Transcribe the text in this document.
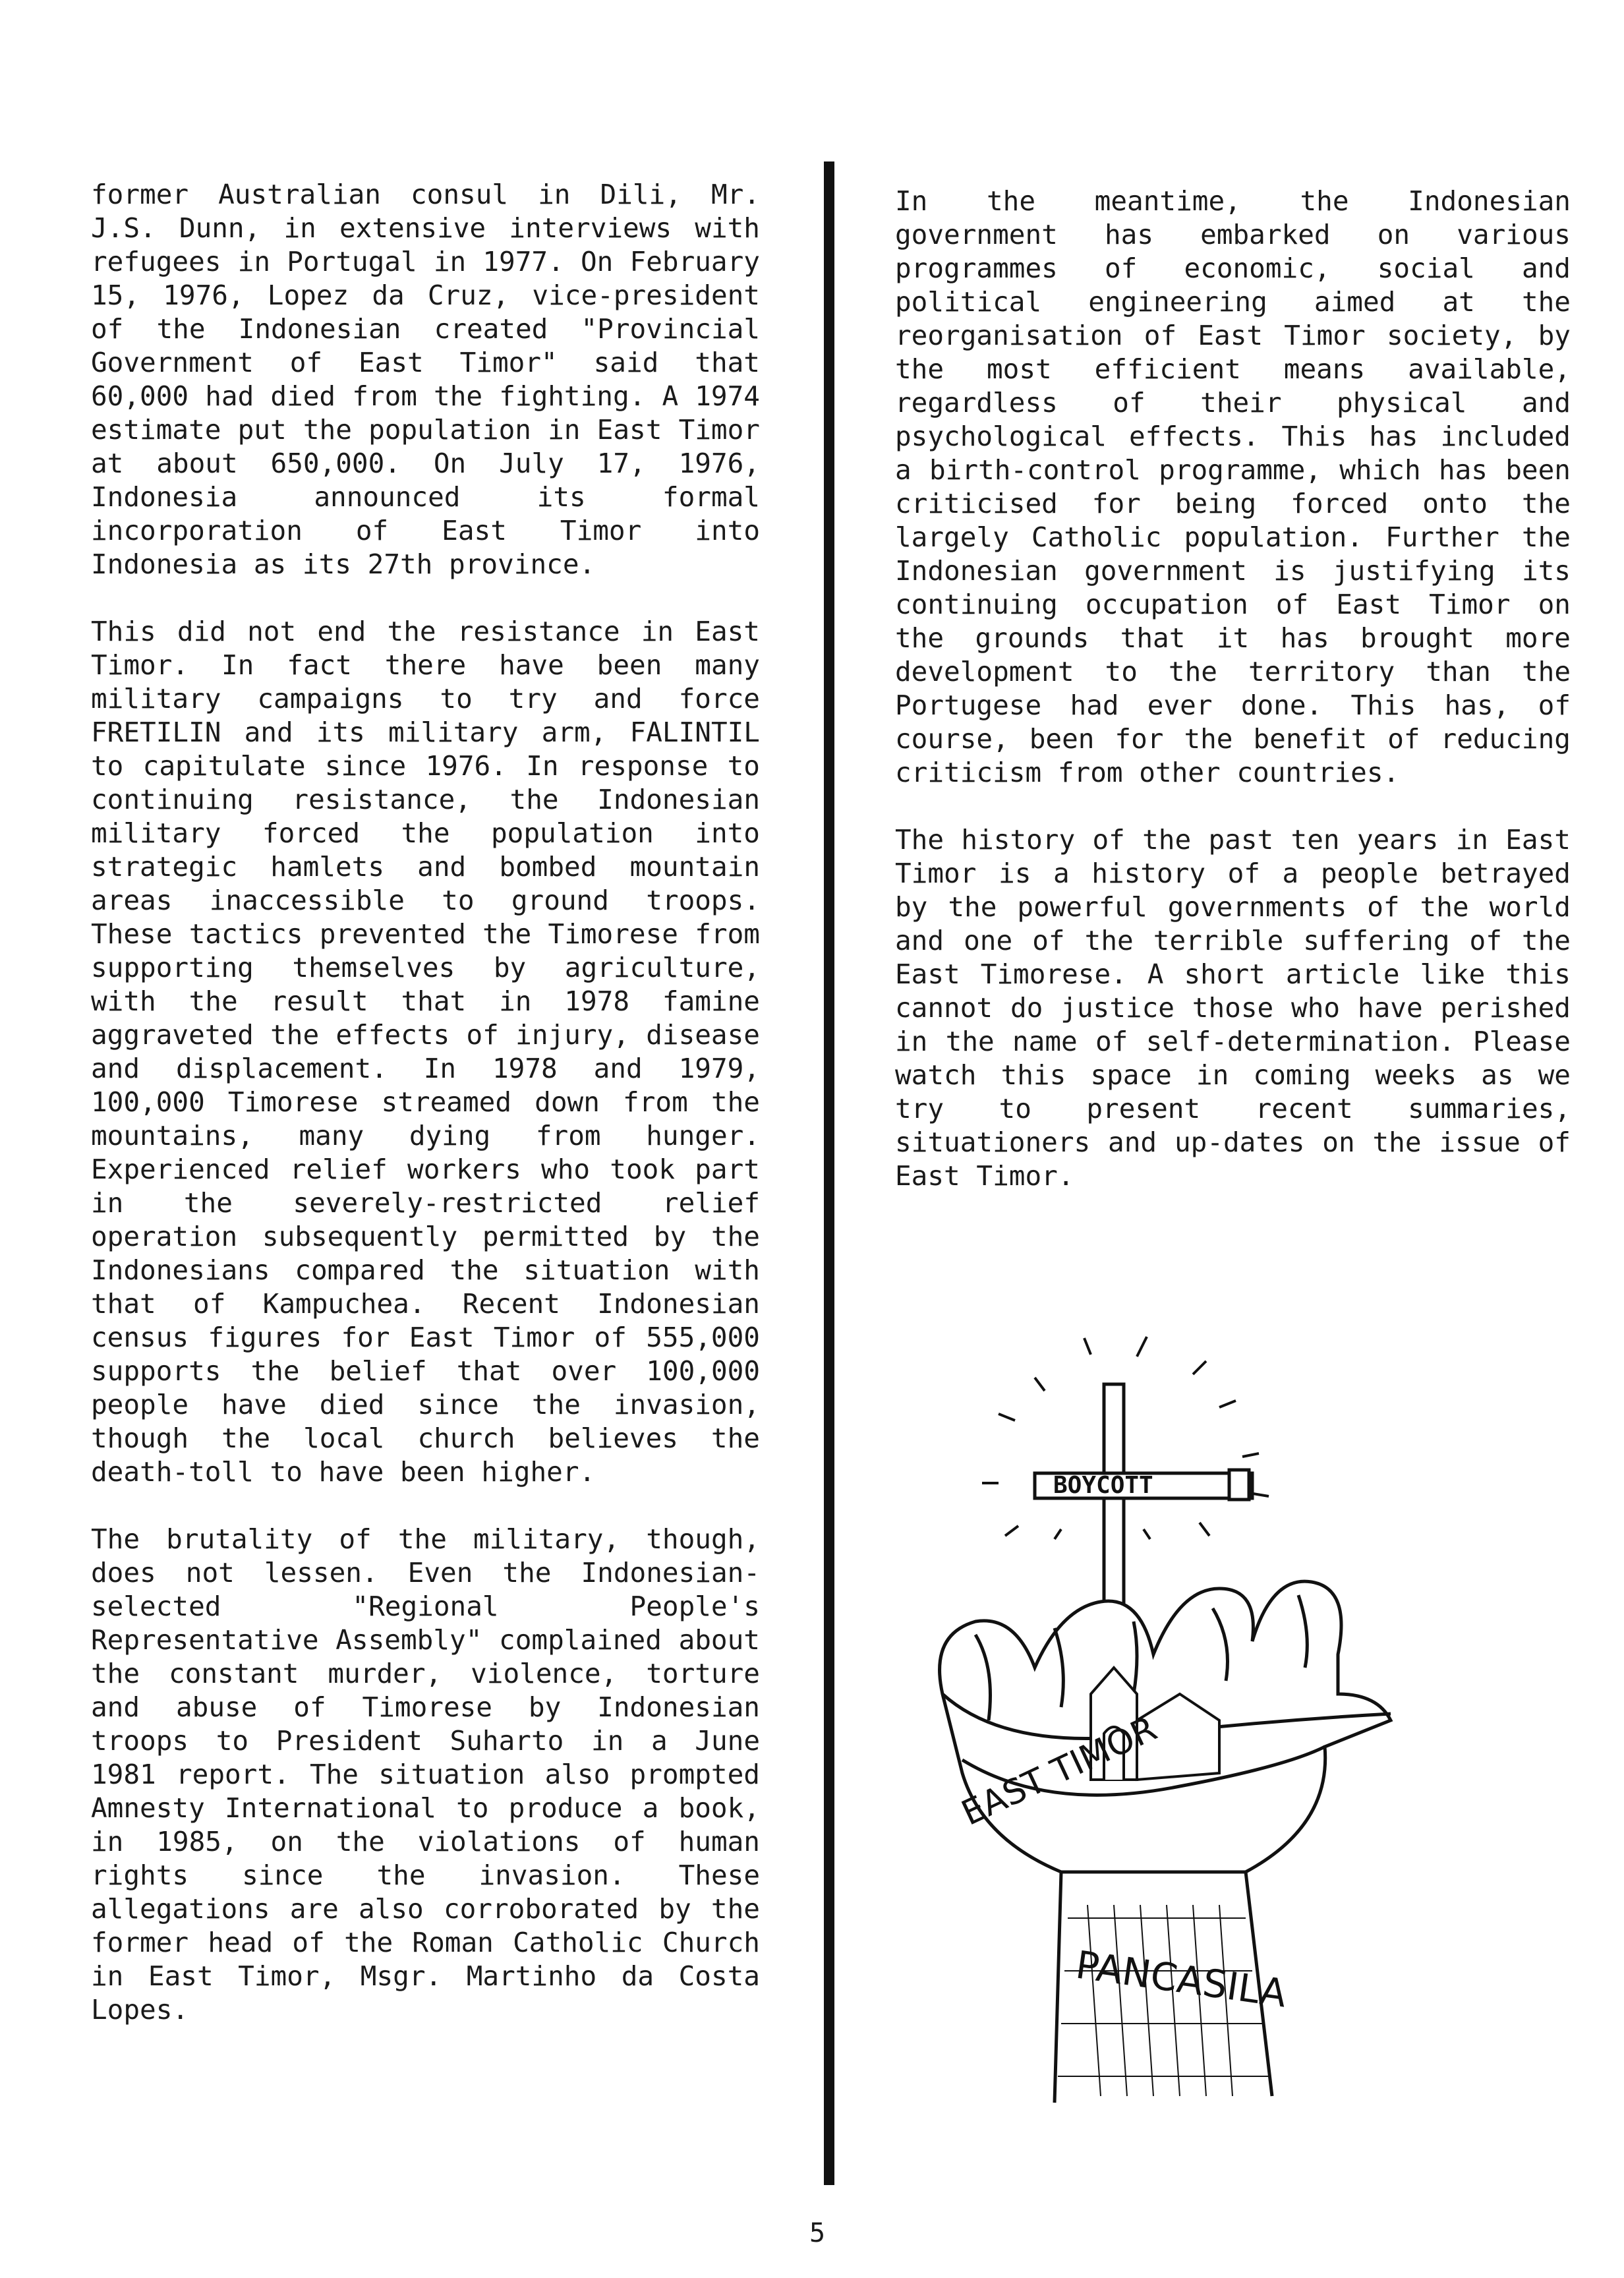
former Australian consul in Dili, Mr. J.S. Dunn, in extensive interviews with refugees in Portugal in 1977. On February 15, 1976, Lopez da Cruz, vice-president of the Indonesian created "Provincial Government of East Timor" said that 60,000 had died from the fighting. A 1974 estimate put the population in East Timor at about 650,000. On July 17, 1976, Indonesia announced its formal incorporation of East Timor into Indonesia as its 27th province.

This did not end the resistance in East Timor. In fact there have been many military campaigns to try and force FRETILIN and its military arm, FALINTIL to capitulate since 1976. In response to continuing resistance, the Indonesian military forced the population into strategic hamlets and bombed mountain areas inaccessible to ground troops. These tactics prevented the Timorese from supporting themselves by agriculture, with the result that in 1978 famine aggraveted the effects of injury, disease and displacement. In 1978 and 1979, 100,000 Timorese streamed down from the mountains, many dying from hunger. Experienced relief workers who took part in the severely-restricted relief operation subsequently permitted by the Indonesians compared the situation with that of Kampuchea. Recent Indonesian census figures for East Timor of 555,000 supports the belief that over 100,000 people have died since the invasion, though the local church believes the death-toll to have been higher.

The brutality of the military, though, does not lessen. Even the Indonesian-selected "Regional People's Representative Assembly" complained about the constant murder, violence, torture and abuse of Timorese by Indonesian troops to President Suharto in a June 1981 report. The situation also prompted Amnesty International to produce a book, in 1985, on the violations of human rights since the invasion. These allegations are also corroborated by the former head of the Roman Catholic Church in East Timor, Msgr. Martinho da Costa Lopes.

In the meantime, the Indonesian government has embarked on various programmes of economic, social and political engineering aimed at the reorganisation of East Timor society, by the most efficient means available, regardless of their physical and psychological effects. This has included a birth-control programme, which has been criticised for being forced onto the largely Catholic population. Further the Indonesian government is justifying its continuing occupation of East Timor on the grounds that it has brought more development to the territory than the Portugese had ever done. This has, of course, been for the benefit of reducing criticism from other countries.

The history of the past ten years in East Timor is a history of a people betrayed by the powerful governments of the world and one of the terrible suffering of the East Timorese. A short article like this cannot do justice those who have perished in the name of self-determination. Please watch this space in coming weeks as we try to present recent summaries, situationers and up-dates on the issue of East Timor.

BOYCOTT
EAST TIMOR
PANCASILA
5
